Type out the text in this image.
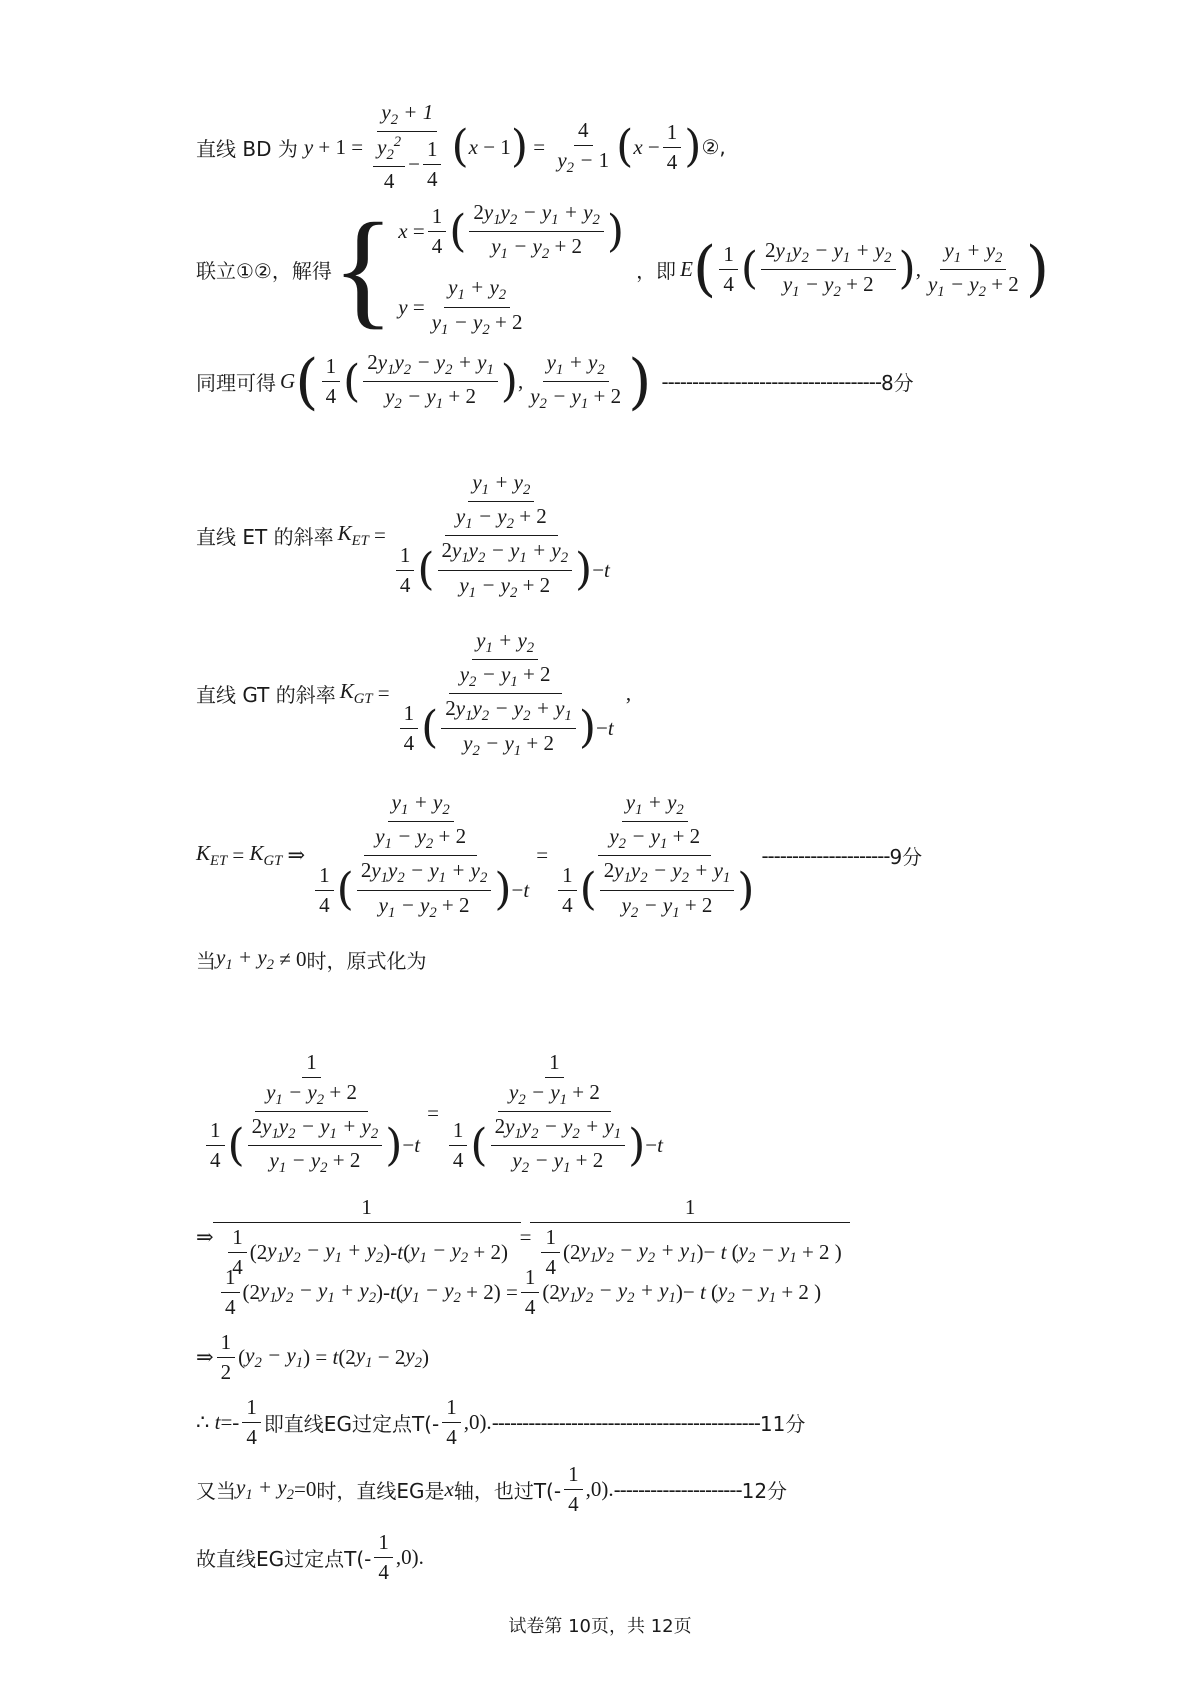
直线 BD 为 $y + 1 = \frac{y_2 + 1}{\frac{y_2^2}{4} - \frac{1}{4}}$ ( x − 1 ) = $\frac{4}{y_2 - 1}$ ( $x - \frac{1}{4}$ ) ②,
联立①②，解得 { $x = \frac{1}{4}$ ( $\frac{2y_1y_2 - y_1 + y_2}{y_1 - y_2 + 2}$ )
$y = \frac{y_1 + y_2}{y_1 - y_2 + 2}$
，即 E ( $\frac{1}{4}$ ( $\frac{2y_1y_2 - y_1 + y_2}{y_1 - y_2 + 2}$ ) , $\frac{y_1 + y_2}{y_1 - y_2 + 2}$ )
同理可得 G ( $\frac{1}{4}$ ( $\frac{2y_1y_2 - y_2 + y_1}{y_2 - y_1 + 2}$ ) , $\frac{y_1 + y_2}{y_2 - y_1 + 2}$ ) ------------------------------------ 8分
直线 ET 的斜率 $K_{ET} = \frac{\frac{y_1 + y_2}{y_1 - y_2 + 2}}{\frac{1}{4} ( \frac{2y_1y_2 - y_1 + y_2}{y_1 - y_2 + 2} ) - t}$
直线 GT 的斜率 $K_{GT} = \frac{\frac{y_1 + y_2}{y_2 - y_1 + 2}}{\frac{1}{4} ( \frac{2y_1y_2 - y_2 + y_1}{y_2 - y_1 + 2} ) - t}$ ,
$K_{ET} = K_{GT}$ ⇒ $\frac{\frac{y_1 + y_2}{y_1 - y_2 + 2}}{\frac{1}{4} ( \frac{2y_1y_2 - y_1 + y_2}{y_1 - y_2 + 2} ) - t} = \frac{\frac{y_1 + y_2}{y_2 - y_1 + 2}}{\frac{1}{4} ( \frac{2y_1y_2 - y_2 + y_1}{y_2 - y_1 + 2} )}$ --------------------- 9分
当 $y_1 + y_2 \ne 0$ 时， 原式化为
$\frac{\frac{1}{y_1 - y_2 + 2}}{\frac{1}{4} ( \frac{2y_1y_2 - y_1 + y_2}{y_1 - y_2 + 2} ) - t} = \frac{\frac{1}{y_2 - y_1 + 2}}{\frac{1}{4} ( \frac{2y_1y_2 - y_2 + y_1}{y_2 - y_1 + 2} ) - t}$
⇒ $\frac{1}{\frac{1}{4} (2 y_1y_2 - y_1 + y_2 )- t ( y_1 - y_2 + 2)} = \frac{1}{\frac{1}{4} (2 y_1y_2 - y_2 + y_1 )- t ( y_2 - y_1 + 2 )}$
$\frac{1}{4} (2$ $y_1y_2 - y_1 + y_2$ )- t ( $y_1 - y_2 + 2) = \frac{1}{4} (2$ $y_1y_2 - y_2 + y_1$ )− t ( $y_2 - y_1 + 2$ )
⇒ $\frac{1}{2}$ ( $y_2 - y_1$ ) = t (2 $y_1 - 2$ $y_2$ )
∴ $t =- \frac{1}{4}$ 即直线EG过定点$T(- \frac{1}{4} ,0)$. -------------------------------------------- 11分
又当 $y_1 + y_2 =0$ 时，直线EG是 x 轴，也过$T(- \frac{1}{4} ,0)$. --------------------- 12分
故直线EG过定点$T(- \frac{1}{4} ,0)$.
试卷第 10页，共 12页
